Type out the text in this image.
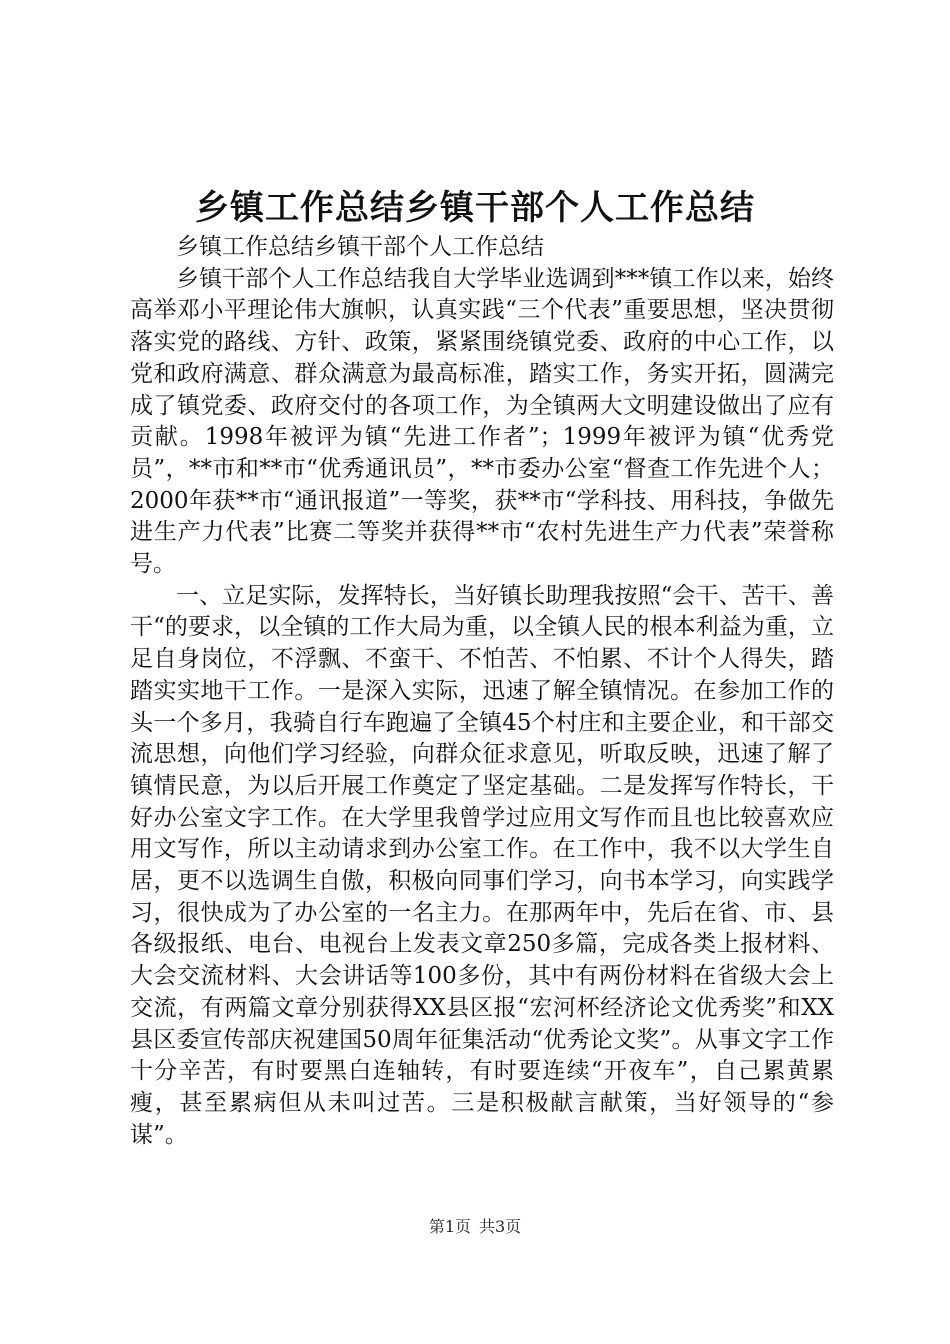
乡镇工作总结乡镇干部个人工作总结

乡镇工作总结乡镇干部个人工作总结

乡镇干部个人工作总结我自大学毕业选调到***镇工作以来，始终高举邓小平理论伟大旗帜，认真实践“三个代表”重要思想，坚决贯彻落实党的路线、方针、政策，紧紧围绕镇党委、政府的中心工作，以党和政府满意、群众满意为最高标准，踏实工作，务实开拓，圆满完成了镇党委、政府交付的各项工作，为全镇两大文明建设做出了应有贡献。1998年被评为镇“先进工作者”；1999年被评为镇“优秀党员”，**市和**市“优秀通讯员”，**市委办公室“督查工作先进个人；2000年获**市“通讯报道”一等奖，获**市“学科技、用科技，争做先进生产力代表”比赛二等奖并获得**市“农村先进生产力代表”荣誉称号。

一、立足实际，发挥特长，当好镇长助理我按照“会干、苦干、善干“的要求，以全镇的工作大局为重，以全镇人民的根本利益为重，立足自身岗位，不浮飘、不蛮干、不怕苦、不怕累、不计个人得失，踏踏实实地干工作。一是深入实际，迅速了解全镇情况。在参加工作的头一个多月，我骑自行车跑遍了全镇45个村庄和主要企业，和干部交流思想，向他们学习经验，向群众征求意见，听取反映，迅速了解了镇情民意，为以后开展工作奠定了坚定基础。二是发挥写作特长，干好办公室文字工作。在大学里我曾学过应用文写作而且也比较喜欢应用文写作，所以主动请求到办公室工作。在工作中，我不以大学生自居，更不以选调生自傲，积极向同事们学习，向书本学习，向实践学习，很快成为了办公室的一名主力。在那两年中，先后在省、市、县各级报纸、电台、电视台上发表文章250多篇，完成各类上报材料、大会交流材料、大会讲话等100多份，其中有两份材料在省级大会上交流，有两篇文章分别获得XX县区报“宏河杯经济论文优秀奖”和XX县区委宣传部庆祝建国50周年征集活动“优秀论文奖”。从事文字工作十分辛苦，有时要黑白连轴转，有时要连续“开夜车”，自己累黄累瘦，甚至累病但从未叫过苦。三是积极献言献策，当好领导的“参谋”。

第1页 共3页
